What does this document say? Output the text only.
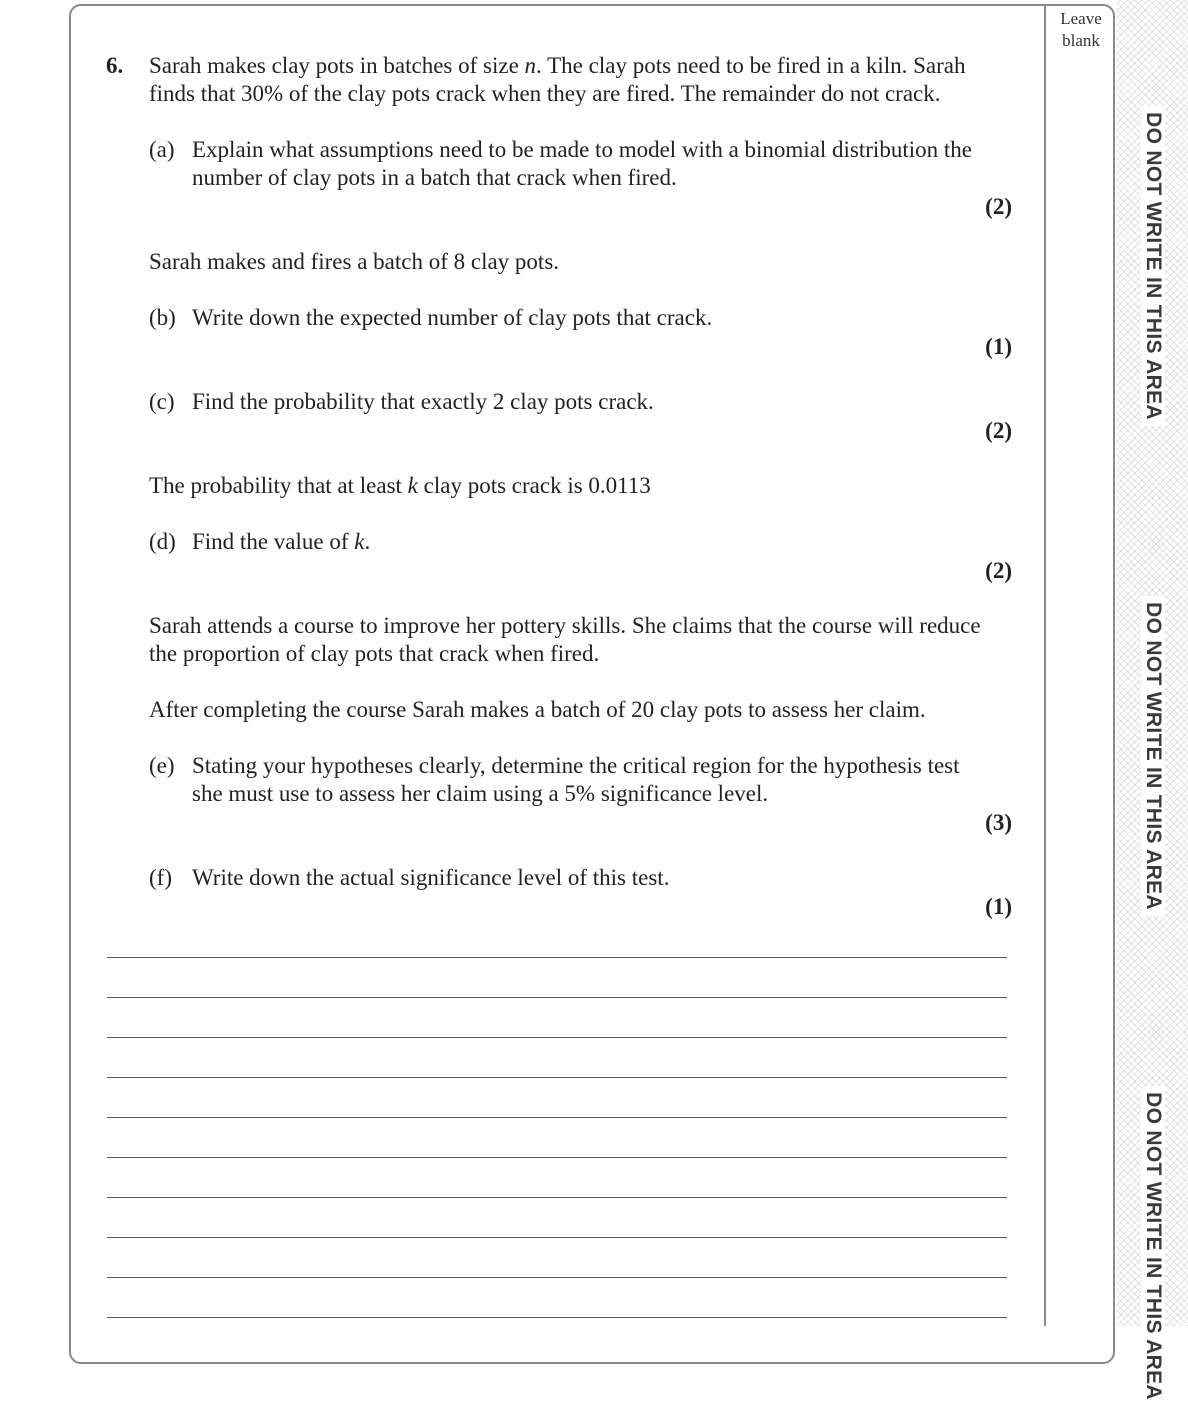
Leave
blank
DO NOT WRITE IN THIS AREA
DO NOT WRITE IN THIS AREA
DO NOT WRITE IN THIS AREA
6. Sarah makes clay pots in batches of size n. The clay pots need to be fired in a kiln. Sarah
finds that 30% of the clay pots crack when they are fired. The remainder do not crack.
(a) Explain what assumptions need to be made to model with a binomial distribution the
number of clay pots in a batch that crack when fired.
(2)
Sarah makes and fires a batch of 8 clay pots.
(b) Write down the expected number of clay pots that crack.
(1)
(c) Find the probability that exactly 2 clay pots crack.
(2)
The probability that at least k clay pots crack is 0.0113
(d) Find the value of k.
(2)
Sarah attends a course to improve her pottery skills. She claims that the course will reduce
the proportion of clay pots that crack when fired.
After completing the course Sarah makes a batch of 20 clay pots to assess her claim.
(e) Stating your hypotheses clearly, determine the critical region for the hypothesis test
she must use to assess her claim using a 5% significance level.
(3)
(f) Write down the actual significance level of this test.
(1)
